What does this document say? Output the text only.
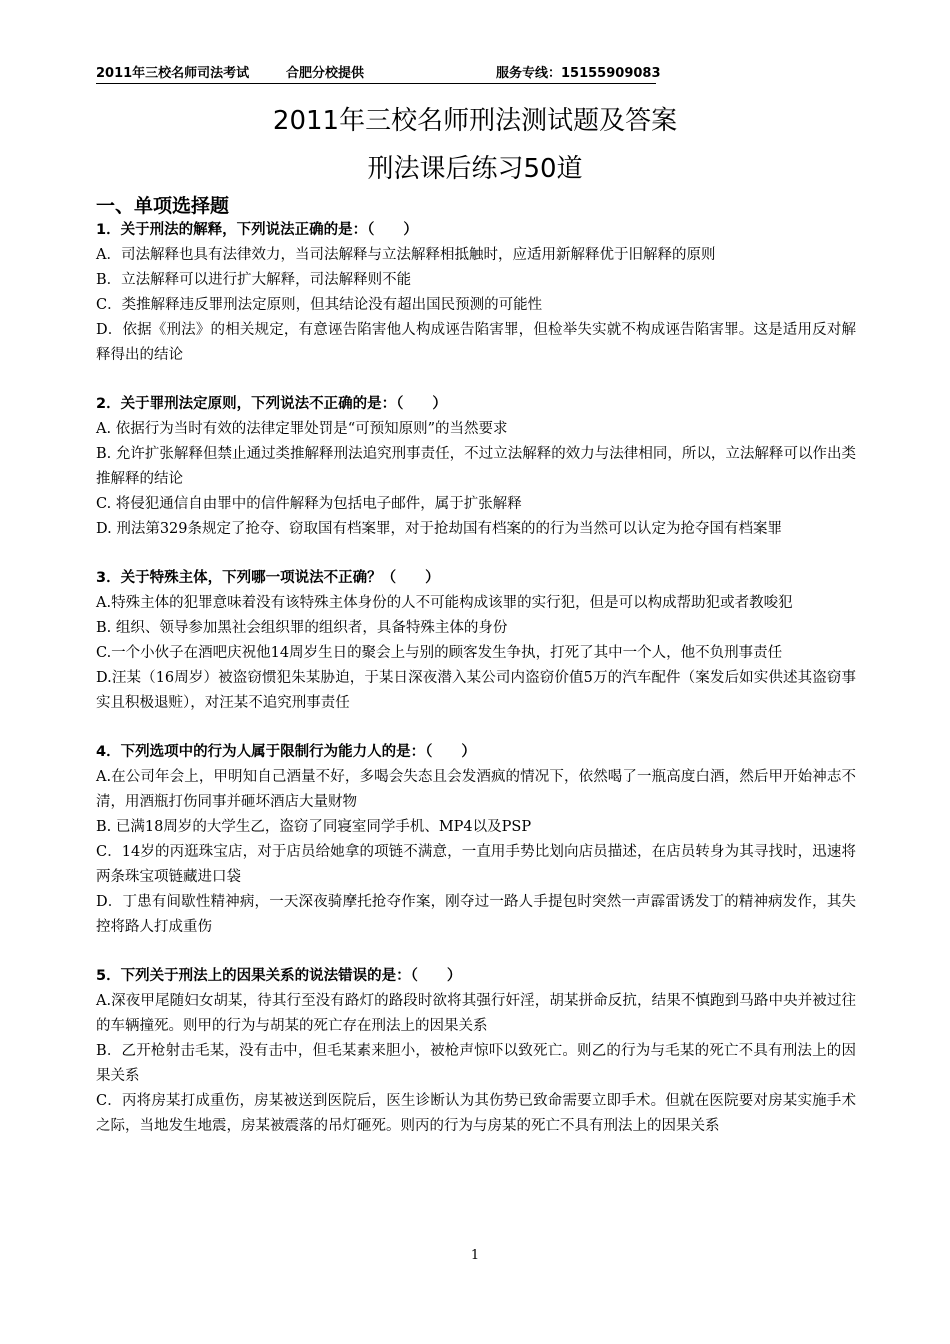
2011年三校名师司法考试	合肥分校提供	服务专线：15155909083
2011年三校名师刑法测试题及答案
刑法课后练习50道
一、单项选择题
1．关于刑法的解释，下列说法正确的是：（　　）
A．司法解释也具有法律效力，当司法解释与立法解释相抵触时，应适用新解释优于旧解释的原则
B．立法解释可以进行扩大解释，司法解释则不能
C．类推解释违反罪刑法定原则，但其结论没有超出国民预测的可能性
D．依据《刑法》的相关规定，有意诬告陷害他人构成诬告陷害罪，但检举失实就不构成诬告陷害罪。这是适用反对解释得出的结论
2．关于罪刑法定原则，下列说法不正确的是：（　　）
A. 依据行为当时有效的法律定罪处罚是“可预知原则”的当然要求
B. 允许扩张解释但禁止通过类推解释刑法追究刑事责任，不过立法解释的效力与法律相同，所以，立法解释可以作出类推解释的结论
C. 将侵犯通信自由罪中的信件解释为包括电子邮件，属于扩张解释
D. 刑法第329条规定了抢夺、窃取国有档案罪，对于抢劫国有档案的的行为当然可以认定为抢夺国有档案罪
3．关于特殊主体，下列哪一项说法不正确？（　　）
A.特殊主体的犯罪意味着没有该特殊主体身份的人不可能构成该罪的实行犯，但是可以构成帮助犯或者教唆犯
B. 组织、领导参加黑社会组织罪的组织者，具备特殊主体的身份
C.一个小伙子在酒吧庆祝他14周岁生日的聚会上与别的顾客发生争执，打死了其中一个人，他不负刑事责任
D.汪某（16周岁）被盗窃惯犯朱某胁迫，于某日深夜潜入某公司内盗窃价值5万的汽车配件（案发后如实供述其盗窃事实且积极退赃），对汪某不追究刑事责任
4．下列选项中的行为人属于限制行为能力人的是：（　　）
A.在公司年会上，甲明知自己酒量不好，多喝会失态且会发酒疯的情况下，依然喝了一瓶高度白酒，然后甲开始神志不清，用酒瓶打伤同事并砸坏酒店大量财物
B. 已满18周岁的大学生乙，盗窃了同寝室同学手机、MP4以及PSP
C．14岁的丙逛珠宝店，对于店员给她拿的项链不满意，一直用手势比划向店员描述，在店员转身为其寻找时，迅速将两条珠宝项链藏进口袋
D．丁患有间歇性精神病，一天深夜骑摩托抢夺作案，刚夺过一路人手提包时突然一声霹雷诱发丁的精神病发作，其失控将路人打成重伤
5．下列关于刑法上的因果关系的说法错误的是：（　　）
A.深夜甲尾随妇女胡某，待其行至没有路灯的路段时欲将其强行奸淫，胡某拼命反抗，结果不慎跑到马路中央并被过往的车辆撞死。则甲的行为与胡某的死亡存在刑法上的因果关系
B．乙开枪射击毛某，没有击中，但毛某素来胆小，被枪声惊吓以致死亡。则乙的行为与毛某的死亡不具有刑法上的因果关系
C．丙将房某打成重伤，房某被送到医院后，医生诊断认为其伤势已致命需要立即手术。但就在医院要对房某实施手术之际，当地发生地震，房某被震落的吊灯砸死。则丙的行为与房某的死亡不具有刑法上的因果关系
1
